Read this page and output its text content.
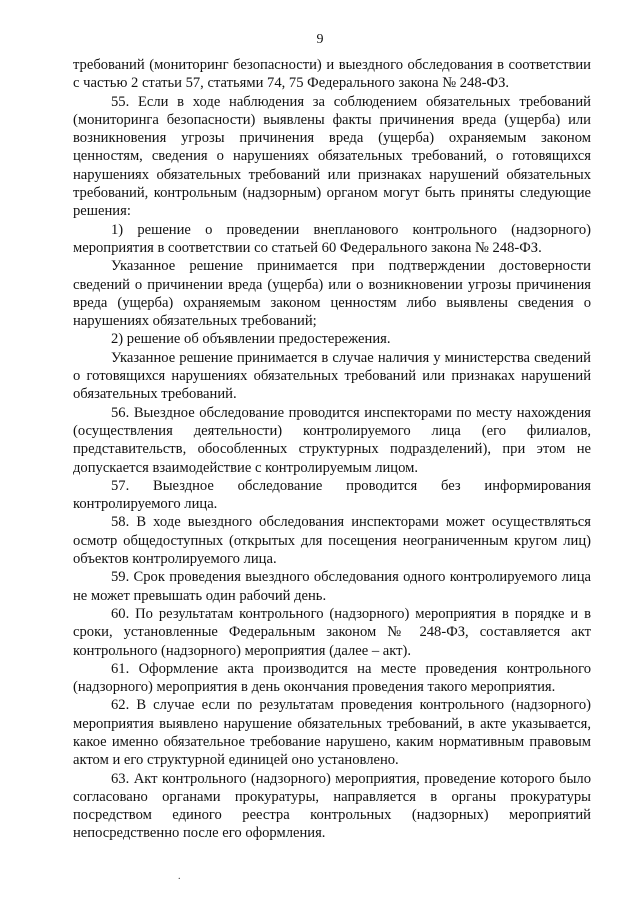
9

требований (мониторинг безопасности) и выездного обследования в соответствии с частью 2 статьи 57, статьями 74, 75 Федерального закона № 248-ФЗ.

55. Если в ходе наблюдения за соблюдением обязательных требований (мониторинга безопасности) выявлены факты причинения вреда (ущерба) или возникновения угрозы причинения вреда (ущерба) охраняемым законом ценностям, сведения о нарушениях обязательных требований, о готовящихся нарушениях обязательных требований или признаках нарушений обязательных требований, контрольным (надзорным) органом могут быть приняты следующие решения:

1) решение о проведении внепланового контрольного (надзорного) мероприятия в соответствии со статьей 60 Федерального закона № 248-ФЗ.

Указанное решение принимается при подтверждении достоверности сведений о причинении вреда (ущерба) или о возникновении угрозы причинения вреда (ущерба) охраняемым законом ценностям либо выявлены сведения о нарушениях обязательных требований;

2) решение об объявлении предостережения.

Указанное решение принимается в случае наличия у министерства сведений о готовящихся нарушениях обязательных требований или признаках нарушений обязательных требований.

56. Выездное обследование проводится инспекторами по месту нахождения (осуществления деятельности) контролируемого лица (его филиалов, представительств, обособленных структурных подразделений), при этом не допускается взаимодействие с контролируемым лицом.

57. Выездное обследование проводится без информирования контролируемого лица.

58. В ходе выездного обследования инспекторами может осуществляться осмотр общедоступных (открытых для посещения неограниченным кругом лиц) объектов контролируемого лица.

59. Срок проведения выездного обследования одного контролируемого лица не может превышать один рабочий день.

60. По результатам контрольного (надзорного) мероприятия в порядке и в сроки, установленные Федеральным законом № 248-ФЗ, составляется акт контрольного (надзорного) мероприятия (далее – акт).

61. Оформление акта производится на месте проведения контрольного (надзорного) мероприятия в день окончания проведения такого мероприятия.

62. В случае если по результатам проведения контрольного (надзорного) мероприятия выявлено нарушение обязательных требований, в акте указывается, какое именно обязательное требование нарушено, каким нормативным правовым актом и его структурной единицей оно установлено.

63. Акт контрольного (надзорного) мероприятия, проведение которого было согласовано органами прокуратуры, направляется в органы прокуратуры посредством единого реестра контрольных (надзорных) мероприятий непосредственно после его оформления.

.
